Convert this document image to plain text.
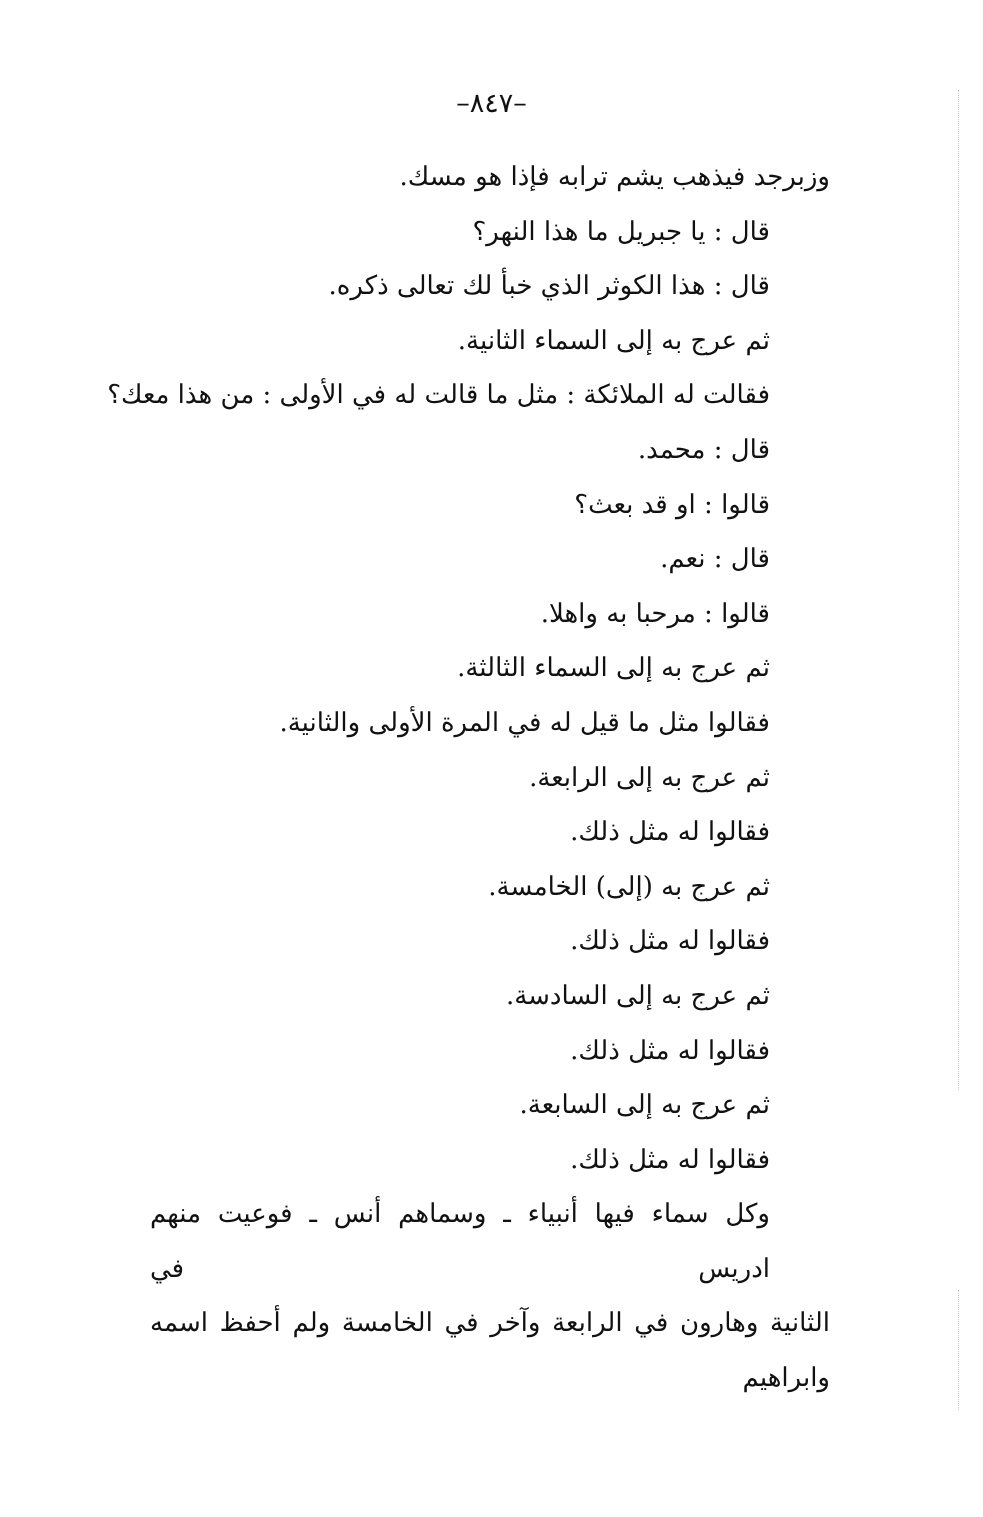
–٨٤٧–
وزبرجد فيذهب يشم ترابه فإذا هو مسك.
قال : يا جبريل ما هذا النهر؟
قال : هذا الكوثر الذي خبأ لك تعالى ذكره.
ثم عرج به إلى السماء الثانية.
فقالت له الملائكة : مثل ما قالت له في الأولى : من هذا معك؟
قال : محمد.
قالوا : او قد بعث؟
قال : نعم.
قالوا : مرحبا به واهلا.
ثم عرج به إلى السماء الثالثة.
فقالوا مثل ما قيل له في المرة الأولى والثانية.
ثم عرج به إلى الرابعة.
فقالوا له مثل ذلك.
ثم عرج به (إلى) الخامسة.
فقالوا له مثل ذلك.
ثم عرج به إلى السادسة.
فقالوا له مثل ذلك.
ثم عرج به إلى السابعة.
فقالوا له مثل ذلك.
وكل سماء فيها أنبياء ـ وسماهم أنس ـ فوعيت منهم ادريس في
الثانية وهارون في الرابعة وآخر في الخامسة ولم أحفظ اسمه وابراهيم
